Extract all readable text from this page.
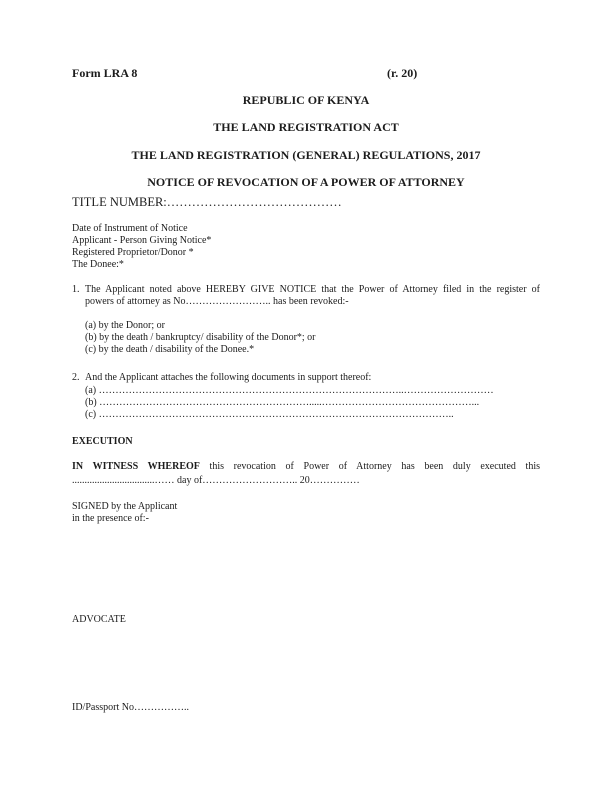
Form LRA 8	(r. 20)
REPUBLIC OF KENYA
THE LAND REGISTRATION ACT
THE LAND REGISTRATION (GENERAL) REGULATIONS, 2017
NOTICE OF REVOCATION OF A POWER OF ATTORNEY
TITLE NUMBER:……………………………………
Date of Instrument of Notice
Applicant - Person Giving Notice*
Registered Proprietor/Donor *
The Donee:*
1. The Applicant noted above HEREBY GIVE NOTICE that the Power of Attorney filed in the register of
powers of attorney as No…………………….. has been revoked:-
(a) by the Donor; or
(b) by the death / bankruptcy/ disability of the Donor*; or
(c) by the death / disability of the Donee.*
2. And the Applicant attaches the following documents in support thereof:
(a) ………………………………………………………………………………..………………………
(b) ……………………………………………………….....………………………………………...
(c) ……………………………………………………………………………………………..
EXECUTION
IN WITNESS WHEREOF this revocation of Power of Attorney has been duly executed this
.................................…… day of……………………….. 20……………
SIGNED by the Applicant
in the presence of:-
ADVOCATE
ID/Passport No……………..
